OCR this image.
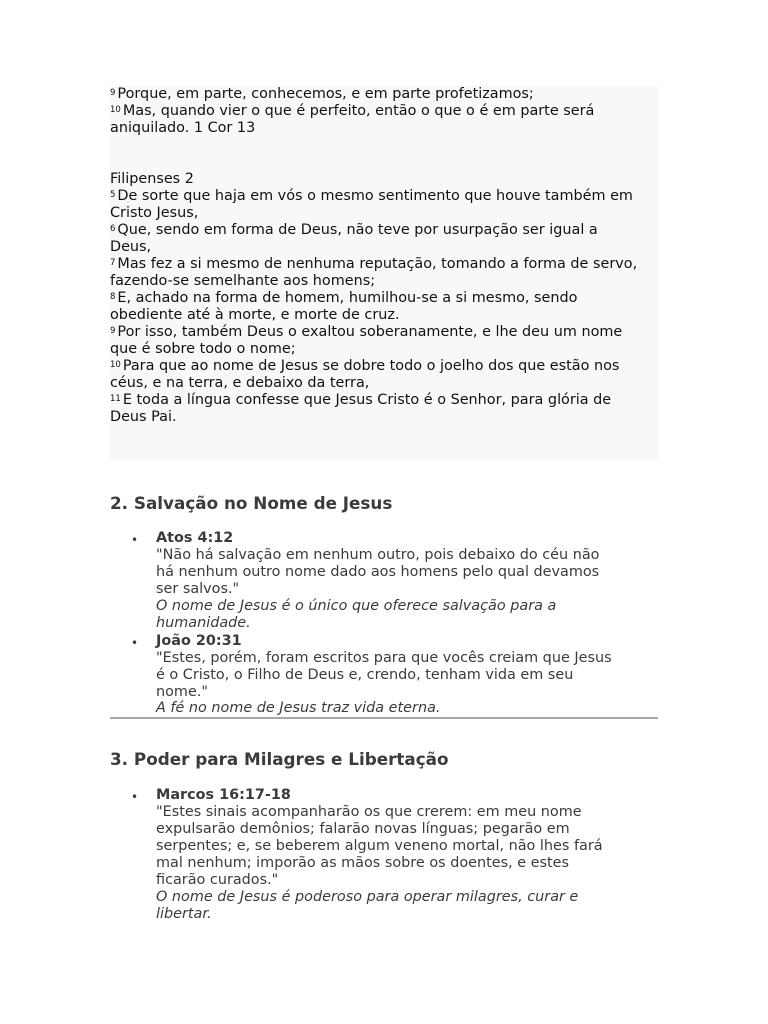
$^9$ Porque, em parte, conhecemos, e em parte profetizamos;
$^{10}$ Mas, quando vier o que é perfeito, então o que o é em parte será
aniquilado. 1 Cor 13
Filipenses 2
$^5$ De sorte que haja em vós o mesmo sentimento que houve também em
Cristo Jesus,
$^6$ Que, sendo em forma de Deus, não teve por usurpação ser igual a
Deus,
$^7$ Mas fez a si mesmo de nenhuma reputação, tomando a forma de servo,
fazendo-se semelhante aos homens;
$^8$ E, achado na forma de homem, humilhou-se a si mesmo, sendo
obediente até à morte, e morte de cruz.
$^9$ Por isso, também Deus o exaltou soberanamente, e lhe deu um nome
que é sobre todo o nome;
$^{10}$ Para que ao nome de Jesus se dobre todo o joelho dos que estão nos
céus, e na terra, e debaixo da terra,
$^{11}$ E toda a língua confesse que Jesus Cristo é o Senhor, para glória de
Deus Pai.
2. Salvação no Nome de Jesus
• Atos 4:12
"Não há salvação em nenhum outro, pois debaixo do céu não
há nenhum outro nome dado aos homens pelo qual devamos
ser salvos."
O nome de Jesus é o único que oferece salvação para a
humanidade.
• João 20:31
"Estes, porém, foram escritos para que vocês creiam que Jesus
é o Cristo, o Filho de Deus e, crendo, tenham vida em seu
nome."
A fé no nome de Jesus traz vida eterna.
3. Poder para Milagres e Libertação
• Marcos 16:17-18
"Estes sinais acompanharão os que crerem: em meu nome
expulsarão demônios; falarão novas línguas; pegarão em
serpentes; e, se beberem algum veneno mortal, não lhes fará
mal nenhum; imporão as mãos sobre os doentes, e estes
ficarão curados."
O nome de Jesus é poderoso para operar milagres, curar e
libertar.
